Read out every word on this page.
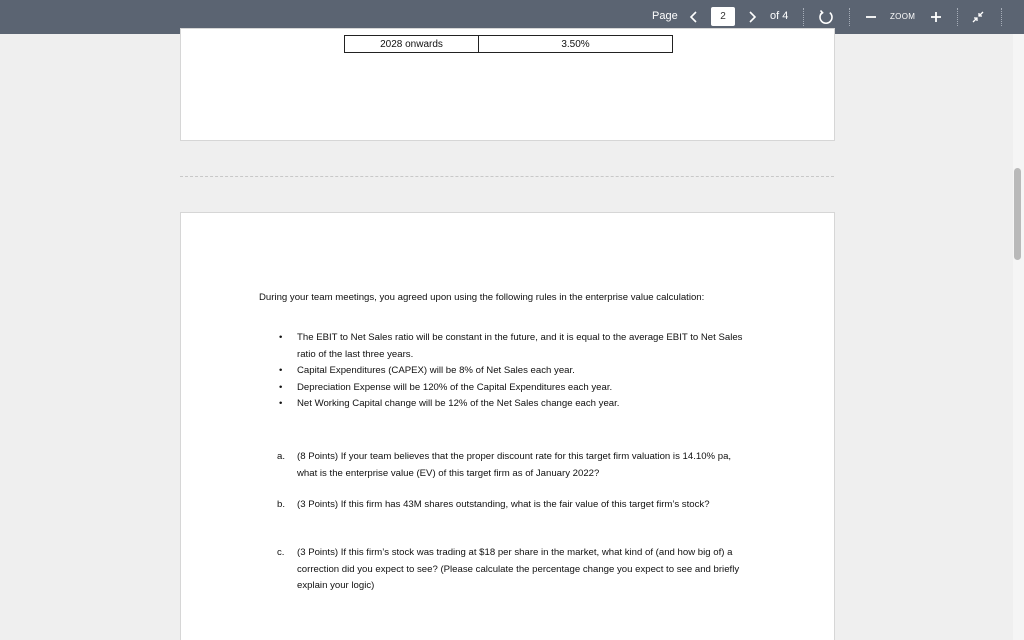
Page	2	of 4	ZOOM
2028 onwards	3.50%

During your team meetings, you agreed upon using the following rules in the enterprise value calculation:

• The EBIT to Net Sales ratio will be constant in the future, and it is equal to the average EBIT to Net Sales ratio of the last three years.
• Capital Expenditures (CAPEX) will be 8% of Net Sales each year.
• Depreciation Expense will be 120% of the Capital Expenditures each year.
• Net Working Capital change will be 12% of the Net Sales change each year.
a. (8 Points) If your team believes that the proper discount rate for this target firm valuation is 14.10% pa, what is the enterprise value (EV) of this target firm as of January 2022?
b. (3 Points) If this firm has 43M shares outstanding, what is the fair value of this target firm’s stock?
c. (3 Points) If this firm’s stock was trading at $18 per share in the market, what kind of (and how big of) a correction did you expect to see? (Please calculate the percentage change you expect to see and briefly explain your logic)
